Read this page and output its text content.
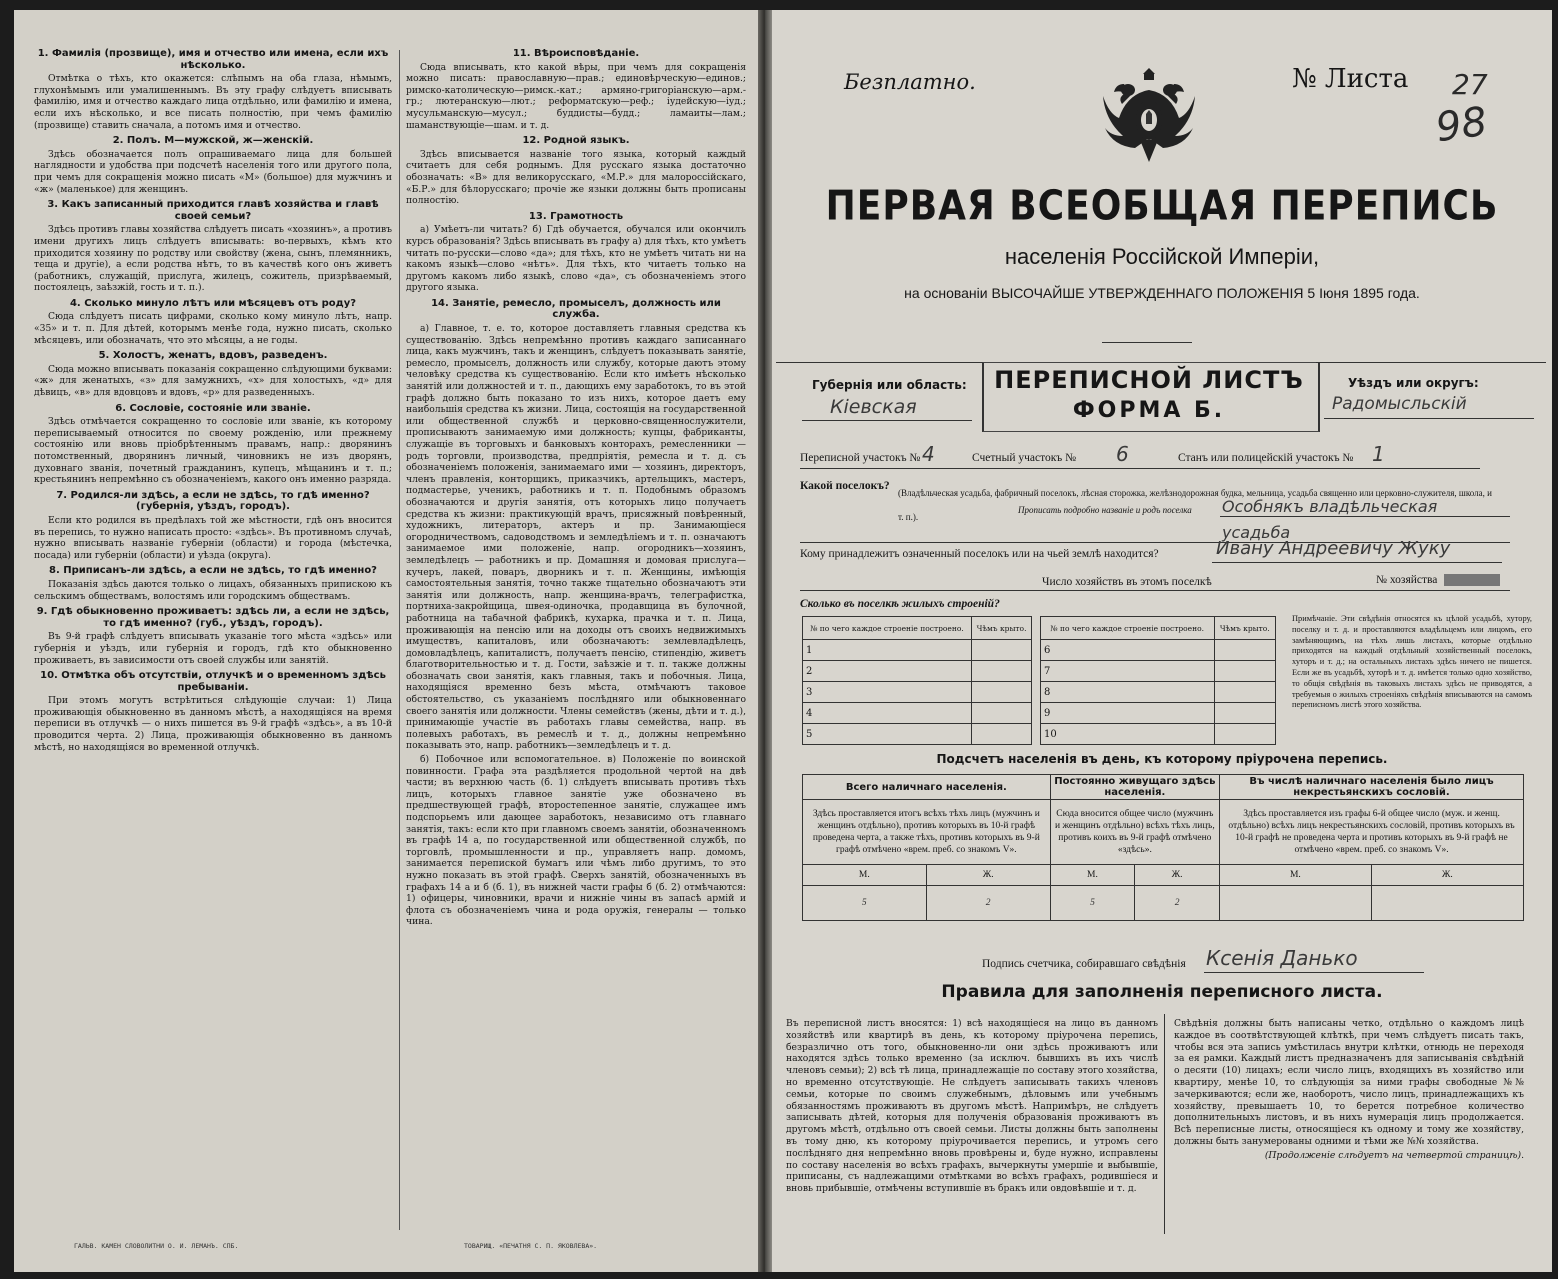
1. Фамилія (прозвище), имя и отчество или имена, если ихъ нѣсколько.
Отмѣтка о тѣхъ, кто окажется: слѣпымъ на оба глаза, нѣмымъ, глухонѣмымъ или умалишеннымъ. Въ эту графу слѣдуетъ вписывать фамилію, имя и отчество каждаго лица отдѣльно, или фамилію и имена, если ихъ нѣсколько, и все писать полностію, при чемъ фамилію (прозвище) ставить сначала, а потомъ имя и отчество.
2. Полъ. М—мужской, ж—женскій.
Здѣсь обозначается полъ опрашиваемаго лица для большей наглядности и удобства при подсчетѣ населенія того или другого пола, при чемъ для сокращенія можно писать «М» (большое) для мужчинъ и «ж» (маленькое) для женщинъ.
3. Какъ записанный приходится главѣ хозяйства и главѣ своей семьи?
Здѣсь противъ главы хозяйства слѣдуетъ писать «хозяинъ», а противъ имени другихъ лицъ слѣдуетъ вписывать: во-первыхъ, кѣмъ кто приходится хозяину по родству или свойству (жена, сынъ, племянникъ, теща и другіе), а если родства нѣтъ, то въ качествѣ кого онъ живетъ (работникъ, служащій, прислуга, жилецъ, сожитель, призрѣваемый, постоялецъ, заѣзжій, гость и т. п.).
4. Сколько минуло лѣтъ или мѣсяцевъ отъ роду?
Сюда слѣдуетъ писать цифрами, сколько кому минуло лѣтъ, напр. «35» и т. п. Для дѣтей, которымъ менѣе года, нужно писать, сколько мѣсяцевъ, или обозначать, что это мѣсяцы, а не годы.
5. Холостъ, женатъ, вдовъ, разведенъ.
Сюда можно вписывать показанія сокращенно слѣдующими буквами: «ж» для женатыхъ, «з» для замужнихъ, «х» для холостыхъ, «д» для дѣвицъ, «в» для вдовцовъ и вдовъ, «р» для разведенныхъ.
6. Сословіе, состояніе или званіе.
Здѣсь отмѣчается сокращенно то сословіе или званіе, къ которому переписываемый относится по своему рожденію, или прежнему состоянію или вновь пріобрѣтеннымъ правамъ, напр.: дворянинъ потомственный, дворянинъ личный, чиновникъ не изъ дворянъ, духовнаго званія, почетный гражданинъ, купецъ, мѣщанинъ и т. п.; крестьянинъ непремѣнно съ обозначеніемъ, какого онъ именно разряда.
7. Родился-ли здѣсь, а если не здѣсь, то гдѣ именно? (губернія, уѣздъ, городъ).
Если кто родился въ предѣлахъ той же мѣстности, гдѣ онъ вносится въ перепись, то нужно написать просто: «здѣсь». Въ противномъ случаѣ, нужно вписывать названіе губерніи (области) и города (мѣстечка, посада) или губерніи (области) и уѣзда (округа).
8. Приписанъ-ли здѣсь, а если не здѣсь, то гдѣ именно?
Показанія здѣсь даются только о лицахъ, обязанныхъ припискою къ сельскимъ обществамъ, волостямъ или городскимъ обществамъ.
9. Гдѣ обыкновенно проживаетъ: здѣсь ли, а если не здѣсь, то гдѣ именно? (губ., уѣздъ, городъ).
Въ 9-й графѣ слѣдуетъ вписывать указаніе того мѣста «здѣсь» или губернія и уѣздъ, или губернія и городъ, гдѣ кто обыкновенно проживаетъ, въ зависимости отъ своей службы или занятій.
10. Отмѣтка объ отсутствіи, отлучкѣ и о временномъ здѣсь пребываніи.
При этомъ могутъ встрѣтиться слѣдующіе случаи: 1) Лица проживающія обыкновенно въ данномъ мѣстѣ, а находящіяся на время переписи въ отлучкѣ — о нихъ пишется въ 9-й графѣ «здѣсь», а въ 10-й проводится черта. 2) Лица, проживающія обыкновенно въ данномъ мѣстѣ, но находящіяся во временной отлучкѣ.
11. Вѣроисповѣданіе.
Сюда вписывать, кто какой вѣры, при чемъ для сокращенія можно писать: православную—прав.; единовѣрческую—единов.; римско-католическую—римск.-кат.; армяно-григоріанскую—арм.-гр.; лютеранскую—лют.; реформатскую—реф.; іудейскую—іуд.; мусульманскую—мусул.; буддисты—будд.; ламаиты—лам.; шаманствующіе—шам. и т. д.
12. Родной языкъ.
Здѣсь вписывается названіе того языка, который каждый считаетъ для себя роднымъ. Для русскаго языка достаточно обозначать: «В» для великорусскаго, «М.Р.» для малороссійскаго, «Б.Р.» для бѣлорусскаго; прочіе же языки должны быть прописаны полностію.
13. Грамотность
а) Умѣетъ-ли читать? б) Гдѣ обучается, обучался или окончилъ курсъ образованія? Здѣсь вписывать въ графу а) для тѣхъ, кто умѣетъ читать по-русски—слово «да»; для тѣхъ, кто не умѣетъ читать ни на какомъ языкѣ—слово «нѣтъ». Для тѣхъ, кто читаетъ только на другомъ какомъ либо языкѣ, слово «да», съ обозначеніемъ этого другого языка.
14. Занятіе, ремесло, промыселъ, должность или служба.
а) Главное, т. е. то, которое доставляетъ главныя средства къ существованію. Здѣсь непремѣнно противъ каждаго записаннаго лица, какъ мужчинъ, такъ и женщинъ, слѣдуетъ показывать занятіе, ремесло, промыселъ, должность или службу, которые даютъ этому человѣку средства къ существованію. Если кто имѣетъ нѣсколько занятій или должностей и т. п., дающихъ ему заработокъ, то въ этой графѣ должно быть показано то изъ нихъ, которое даетъ ему наибольшія средства къ жизни. Лица, состоящія на государственной или общественной службѣ и церковно-священнослужители, прописываютъ занимаемую ими должность; купцы, фабриканты, служащіе въ торговыхъ и банковыхъ конторахъ, ремесленники — родъ торговли, производства, предпріятія, ремесла и т. д. съ обозначеніемъ положенія, занимаемаго ими — хозяинъ, директоръ, членъ правленія, конторщикъ, приказчикъ, артельщикъ, мастеръ, подмастерье, ученикъ, работникъ и т. п. Подобнымъ образомъ обозначаются и другія занятія, отъ которыхъ лицо получаетъ средства къ жизни: практикующій врачъ, присяжный повѣренный, художникъ, литераторъ, актеръ и пр. Занимающіеся огородничествомъ, садоводствомъ и земледѣліемъ и т. п. означаютъ занимаемое ими положеніе, напр. огородникъ—хозяинъ, земледѣлецъ — работникъ и пр. Домашняя и домовая прислуга—кучеръ, лакей, поваръ, дворникъ и т. п. Женщины, имѣющія самостоятельныя занятія, точно также тщательно обозначаютъ эти занятія или должность, напр. женщина-врачъ, телеграфистка, портниха-закройщица, швея-одиночка, продавщица въ булочной, работница на табачной фабрикѣ, кухарка, прачка и т. п. Лица, проживающія на пенсію или на доходы отъ своихъ недвижимыхъ имуществъ, капиталовъ, или обозначаютъ: землевладѣлецъ, домовладѣлецъ, капиталистъ, получаетъ пенсію, стипендію, живетъ благотворительностью и т. д. Гости, заѣзжіе и т. п. также должны обозначать свои занятія, какъ главныя, такъ и побочныя. Лица, находящіяся временно безъ мѣста, отмѣчаютъ таковое обстоятельство, съ указаніемъ послѣдняго или обыкновеннаго своего занятія или должности. Члены семействъ (жены, дѣти и т. д.), принимающіе участіе въ работахъ главы семейства, напр. въ полевыхъ работахъ, въ ремеслѣ и т. д., должны непремѣнно показывать это, напр. работникъ—земледѣлецъ и т. д.
б) Побочное или вспомогательное. в) Положеніе по воинской повинности. Графа эта раздѣляется продольной чертой на двѣ части; въ верхнюю часть (б. 1) слѣдуетъ вписывать противъ тѣхъ лицъ, которыхъ главное занятіе уже обозначено въ предшествующей графѣ, второстепенное занятіе, служащее имъ подспорьемъ или дающее заработокъ, независимо отъ главнаго занятія, такъ: если кто при главномъ своемъ занятіи, обозначенномъ въ графѣ 14 а, по государственной или общественной службѣ, по торговлѣ, промышленности и пр., управляетъ напр. домомъ, занимается перепиской бумагъ или чѣмъ либо другимъ, то это нужно показать въ этой графѣ. Сверхъ занятій, обозначенныхъ въ графахъ 14 а и б (б. 1), въ нижней части графы б (б. 2) отмѣчаются: 1) офицеры, чиновники, врачи и нижніе чины въ запасѣ армій и флота съ обозначеніемъ чина и рода оружія, генералы — только чина.
ГАЛЬВ. КАМЕН СЛОВОЛИТНИ О. И. ЛЕМАНЪ. СПБ.	ТОВАРИЩ. «ПЕЧАТНЯ С. П. ЯКОВЛЕВА».
Безплатно.	№ Листа 27
98
ПЕРВАЯ ВСЕОБЩАЯ ПЕРЕПИСЬ
населенія Россійской Имперіи,
на основаніи ВЫСОЧАЙШЕ УТВЕРЖДЕННАГО ПОЛОЖЕНІЯ 5 Іюня 1895 года.
Губернія или область:
Кіевская
ПЕРЕПИСНОЙ ЛИСТЪ
ФОРМА Б.
Уѣздъ или округъ:
Радомысльскій
Переписной участокъ № 4	Счетный участокъ № 6	Станъ или полицейскій участокъ № 1
Какой поселокъ?
(Владѣльческая усадьба, фабричный поселокъ, лѣсная сторожка, желѣзнодорожная будка, мельница, усадьба священно или церковно-служителя, школа, и т. п.).
Прописать подробно названіе и родъ поселка Особнякъ владѣльческая усадьба
Кому принадлежитъ означенный поселокъ или на чьей землѣ находится?	Ивану Андреевичу Жуку
Число хозяйствъ въ этомъ поселкѣ	№ хозяйства
Сколько въ поселкѣ жилыхъ строеній?
№ по чего каждое строеніе построено.	Чѣмъ крыто.
1	
2	
3	
4	
5	
№ по чего каждое строеніе построено.	Чѣмъ крыто.
6	
7	
8	
9	
10	
Примѣчаніе. Эти свѣдѣнія относятся къ цѣлой усадьбѣ, хутору, поселку и т. д. и проставляются владѣльцемъ или лицомъ, его замѣняющимъ, на тѣхъ лишь листахъ, которые отдѣльно приходятся на каждый отдѣльный хозяйственный поселокъ, хуторъ и т. д.; на остальныхъ листахъ здѣсь ничего не пишется. Если же въ усадьбѣ, хуторѣ и т. д. имѣется только одно хозяйство, то общія свѣдѣнія въ таковыхъ листахъ здѣсь не приводятся, а требуемыя о жилыхъ строеніяхъ свѣдѣнія вписываются на самомъ переписномъ листѣ этого хозяйства.
Подсчетъ населенія въ день, къ которому пріурочена перепись.
Всего наличнаго населенія.		Постоянно живущаго здѣсь населенія.		Въ числѣ наличнаго населенія было лицъ некрестьянскихъ сословій.	
Здѣсь проставляется итогъ всѣхъ тѣхъ лицъ (мужчинъ и женщинъ отдѣльно), противъ которыхъ въ 10-й графѣ проведена черта, а также тѣхъ, противъ которыхъ въ 9-й графѣ отмѣчено «врем. преб. со знакомъ V».		Сюда вносится общее число (мужчинъ и женщинъ отдѣльно) всѣхъ тѣхъ лицъ, противъ коихъ въ 9-й графѣ отмѣчено «здѣсь».		Здѣсь проставляется изъ графы 6-й общее число (муж. и женщ. отдѣльно) всѣхъ лицъ некрестьянскихъ сословій, противъ которыхъ въ 10-й графѣ не проведена черта и противъ которыхъ въ 9-й графѣ не отмѣчено «врем. преб. со знакомъ V».	
М.	Ж.	М.	Ж.	М.	Ж.
5	2	5	2		
Подпись счетчика, собиравшаго свѣдѣнія Ксенія Данько
Правила для заполненія переписного листа.
Въ переписной листъ вносятся: 1) всѣ находящіеся на лицо въ данномъ хозяйствѣ или квартирѣ въ день, къ которому пріурочена перепись, безразлично отъ того, обыкновенно-ли они здѣсь проживаютъ или находятся здѣсь только временно (за исключ. бывшихъ въ ихъ числѣ членовъ семьи); 2) всѣ тѣ лица, принадлежащіе по составу этого хозяйства, но временно отсутствующіе. Не слѣдуетъ записывать такихъ членовъ семьи, которые по своимъ служебнымъ, дѣловымъ или учебнымъ обязанностямъ проживаютъ въ другомъ мѣстѣ. Напримѣръ, не слѣдуетъ записывать дѣтей, которыя для полученія образованія проживаютъ въ другомъ мѣстѣ, отдѣльно отъ своей семьи. Листы должны быть заполнены въ тому дню, къ которому пріурочивается перепись, и утромъ сего послѣдняго дня непремѣнно вновь провѣрены и, буде нужно, исправлены по составу населенія во всѣхъ графахъ, вычеркнуты умершіе и выбывшіе, приписаны, съ надлежащими отмѣтками во всѣхъ графахъ, родившіеся и вновь прибывшіе, отмѣчены вступившіе въ бракъ или овдовѣвшіе и т. д.
Свѣдѣнія должны быть написаны четко, отдѣльно о каждомъ лицѣ каждое въ соотвѣтствующей клѣткѣ, при чемъ слѣдуетъ писать такъ, чтобы вся эта запись умѣстилась внутри клѣтки, отнюдь не переходя за ея рамки. Каждый листъ предназначенъ для записыванія свѣдѣній о десяти (10) лицахъ; если число лицъ, входящихъ въ хозяйство или квартиру, менѣе 10, то слѣдующія за ними графы свободные №№ зачеркиваются; если же, наоборотъ, число лицъ, принадлежащихъ къ хозяйству, превышаетъ 10, то берется потребное количество дополнительныхъ листовъ, и въ нихъ нумерація лицъ продолжается. Всѣ переписные листы, относящіеся къ одному и тому же хозяйству, должны быть занумерованы одними и тѣми же №№ хозяйства.
(Продолженіе слѣдуетъ на четвертой страницѣ).
